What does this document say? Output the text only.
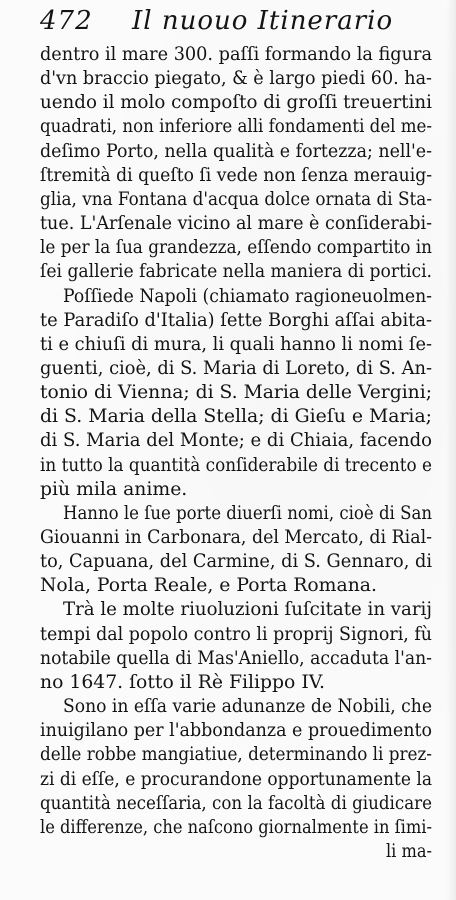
472 Il nuouo Itinerario
dentro il mare 300. paſſi formando la figura
d'vn braccio piegato, & è largo piedi 60. ha-
uendo il molo compoſto di groſſi treuertini
quadrati, non inferiore alli fondamenti del me-
deſimo Porto, nella qualità e fortezza; nell'e-
ſtremità di queſto ſi vede non ſenza merauig-
glia, vna Fontana d'acqua dolce ornata di Sta-
tue. L'Arſenale vicino al mare è conſiderabi-
le per la ſua grandezza, eſſendo compartito in
ſei gallerie fabricate nella maniera di portici.
Poſſiede Napoli (chiamato ragioneuolmen-
te Paradiſo d'Italia) ſette Borghi aſſai abita-
ti e chiuſi di mura, li quali hanno li nomi ſe-
guenti, cioè, di S. Maria di Loreto, di S. An-
tonio di Vienna; di S. Maria delle Vergini;
di S. Maria della Stella; di Gieſu e Maria;
di S. Maria del Monte; e di Chiaia, facendo
in tutto la quantità conſiderabile di trecento e
più mila anime.
Hanno le ſue porte diuerſi nomi, cioè di San
Giouanni in Carbonara, del Mercato, di Rial-
to, Capuana, del Carmine, di S. Gennaro, di
Nola, Porta Reale, e Porta Romana.
Trà le molte riuoluzioni ſuſcitate in varij
tempi dal popolo contro li proprij Signori, fù
notabile quella di Mas'Aniello, accaduta l'an-
no 1647. ſotto il Rè Filippo IV.
Sono in eſſa varie adunanze de Nobili, che
inuigilano per l'abbondanza e prouedimento
delle robbe mangiatiue, determinando li prez-
zi di eſſe, e procurandone opportunamente la
quantità neceſſaria, con la facoltà di giudicare
le differenze, che naſcono giornalmente in ſimi-
li ma-
